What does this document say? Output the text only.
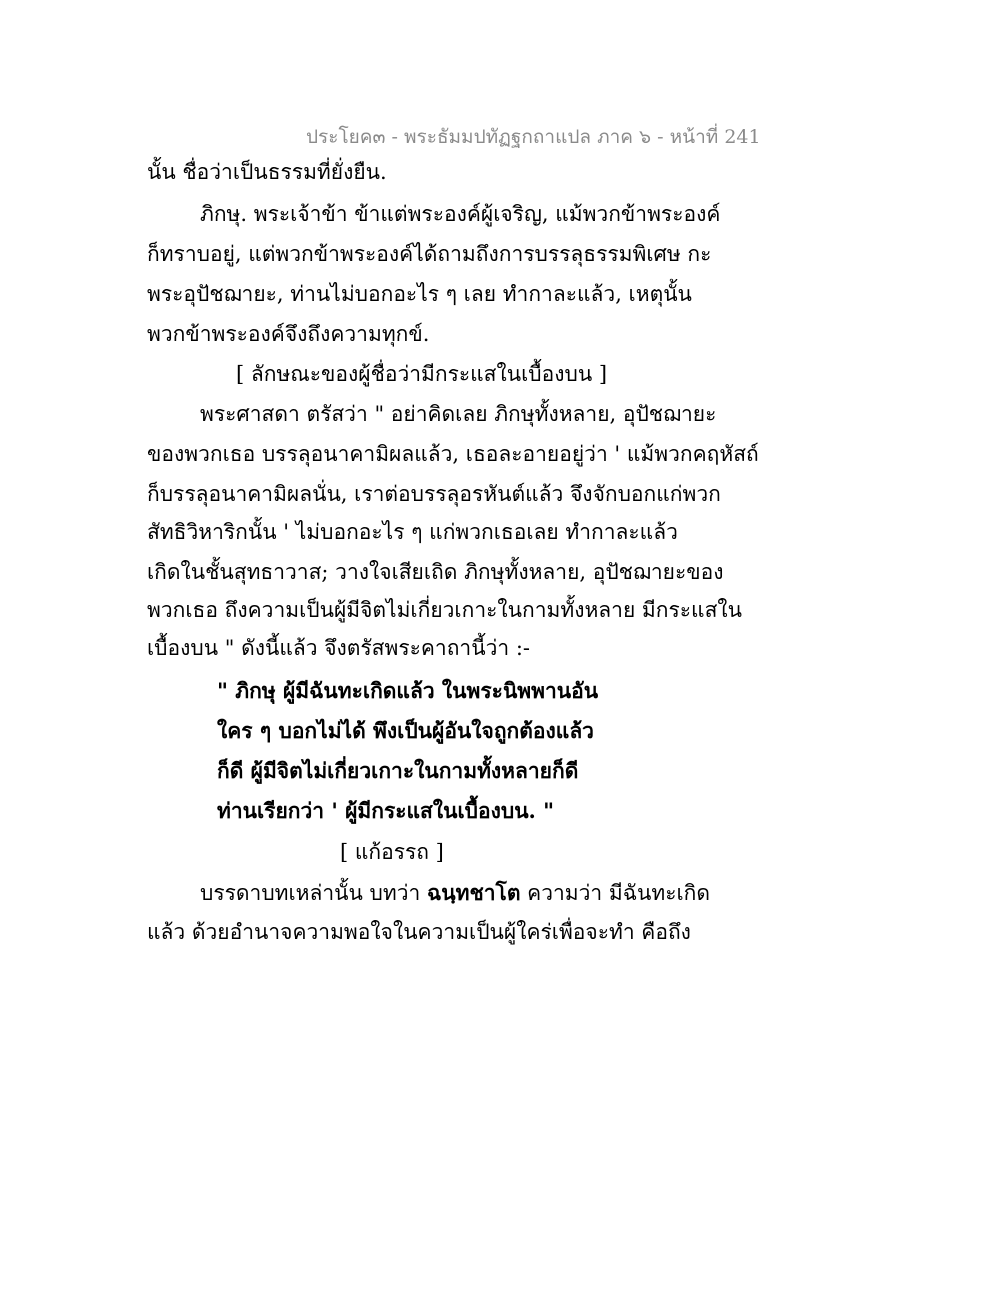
ประโยค๓ - พระธัมมปทัฏฐกถาแปล ภาค ๖ - หน้าที่ 241
นั้น ชื่อว่าเป็นธรรมที่ยั่งยืน.
ภิกษุ. พระเจ้าข้า ข้าแต่พระองค์ผู้เจริญ, แม้พวกข้าพระองค์
ก็ทราบอยู่, แต่พวกข้าพระองค์ได้ถามถึงการบรรลุธรรมพิเศษ กะ
พระอุปัชฌายะ, ท่านไม่บอกอะไร ๆ เลย ทำกาละแล้ว, เหตุนั้น
พวกข้าพระองค์จึงถึงความทุกข์.
[ ลักษณะของผู้ชื่อว่ามีกระแสในเบื้องบน ]
พระศาสดา ตรัสว่า " อย่าคิดเลย ภิกษุทั้งหลาย, อุปัชฌายะ
ของพวกเธอ บรรลุอนาคามิผลแล้ว, เธอละอายอยู่ว่า ' แม้พวกคฤหัสถ์
ก็บรรลุอนาคามิผลนั่น, เราต่อบรรลุอรหันต์แล้ว จึงจักบอกแก่พวก
สัทธิวิหาริกนั้น ' ไม่บอกอะไร ๆ แก่พวกเธอเลย ทำกาละแล้ว
เกิดในชั้นสุทธาวาส; วางใจเสียเถิด ภิกษุทั้งหลาย, อุปัชฌายะของ
พวกเธอ ถึงความเป็นผู้มีจิตไม่เกี่ยวเกาะในกามทั้งหลาย มีกระแสใน
เบื้องบน " ดังนี้แล้ว จึงตรัสพระคาถานี้ว่า :-
" ภิกษุ ผู้มีฉันทะเกิดแล้ว ในพระนิพพานอัน
ใคร ๆ บอกไม่ได้ พึงเป็นผู้อันใจถูกต้องแล้ว
ก็ดี ผู้มีจิตไม่เกี่ยวเกาะในกามทั้งหลายก็ดี
ท่านเรียกว่า ' ผู้มีกระแสในเบื้องบน. "
[ แก้อรรถ ]
บรรดาบทเหล่านั้น บทว่า ฉนฺทชาโต ความว่า มีฉันทะเกิด
แล้ว ด้วยอำนาจความพอใจในความเป็นผู้ใคร่เพื่อจะทำ คือถึง
